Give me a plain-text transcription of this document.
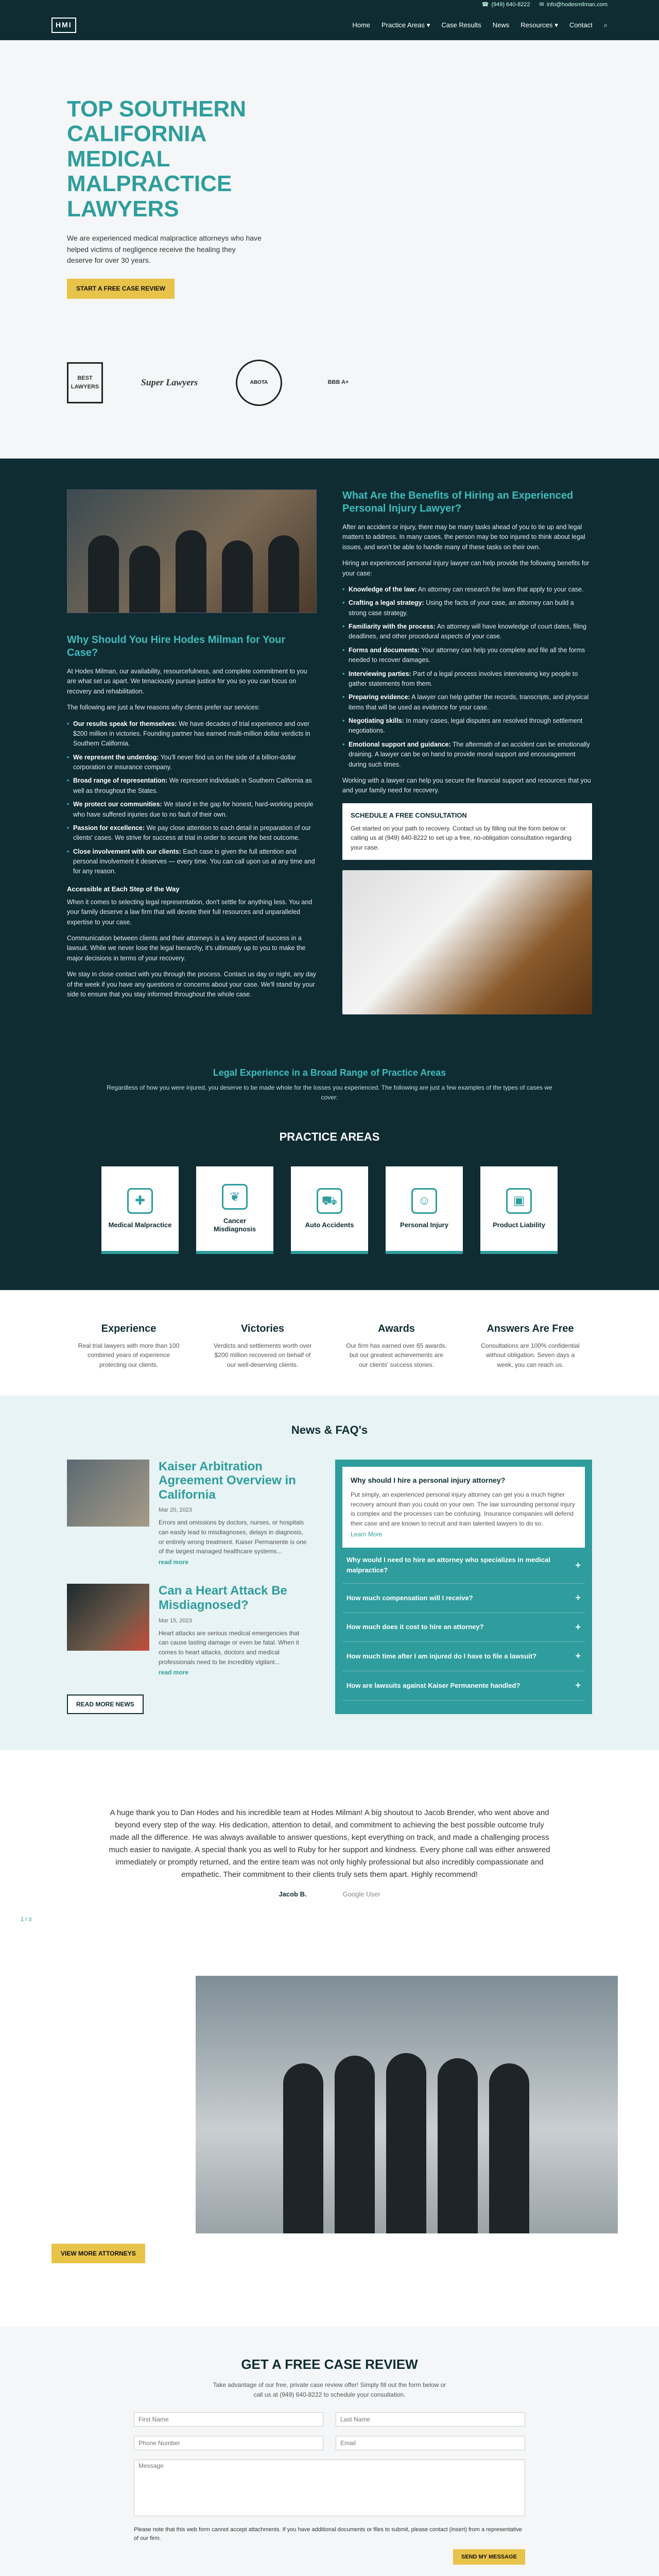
☎ (949) 640-8222 ✉ info@hodesmilman.com
HMI	Home Practice Areas ▾ Case Results News Resources ▾ Contact ⌕
TOP SOUTHERN CALIFORNIA MEDICAL MALPRACTICE LAWYERS

We are experienced medical malpractice attorneys who have helped victims of negligence receive the healing they deserve for over 30 years.

START A FREE CASE REVIEW
BEST LAWYERS	Super Lawyers	ABOTA	BBB A+
Why Should You Hire Hodes Milman for Your Case?

At Hodes Milman, our availability, resourcefulness, and complete commitment to you are what set us apart. We tenaciously pursue justice for you so you can focus on recovery and rehabilitation.

The following are just a few reasons why clients prefer our services:

• Our results speak for themselves: We have decades of trial experience and over $200 million in victories. Founding partner has earned multi-million dollar verdicts in Southern California.
• We represent the underdog: You'll never find us on the side of a billion-dollar corporation or insurance company.
• Broad range of representation: We represent individuals in Southern California as well as throughout the States.
• We protect our communities: We stand in the gap for honest, hard-working people who have suffered injuries due to no fault of their own.
• Passion for excellence: We pay close attention to each detail in preparation of our clients' cases. We strive for success at trial in order to secure the best outcome.
• Close involvement with our clients: Each case is given the full attention and personal involvement it deserves — every time. You can call upon us at any time and for any reason.
Accessible at Each Step of the Way

When it comes to selecting legal representation, don't settle for anything less. You and your family deserve a law firm that will devote their full resources and unparalleled expertise to your case.

Communication between clients and their attorneys is a key aspect of success in a lawsuit. While we never lose the legal hierarchy, it's ultimately up to you to make the major decisions in terms of your recovery.

We stay in close contact with you through the process. Contact us day or night, any day of the week if you have any questions or concerns about your case. We'll stand by your side to ensure that you stay informed throughout the whole case.

What Are the Benefits of Hiring an Experienced Personal Injury Lawyer?

After an accident or injury, there may be many tasks ahead of you to tie up and legal matters to address. In many cases, the person may be too injured to think about legal issues, and won't be able to handle many of these tasks on their own.

Hiring an experienced personal injury lawyer can help provide the following benefits for your case:

• Knowledge of the law: An attorney can research the laws that apply to your case.
• Crafting a legal strategy: Using the facts of your case, an attorney can build a strong case strategy.
• Familiarity with the process: An attorney will have knowledge of court dates, filing deadlines, and other procedural aspects of your case.
• Forms and documents: Your attorney can help you complete and file all the forms needed to recover damages.
• Interviewing parties: Part of a legal process involves interviewing key people to gather statements from them.
• Preparing evidence: A lawyer can help gather the records, transcripts, and physical items that will be used as evidence for your case.
• Negotiating skills: In many cases, legal disputes are resolved through settlement negotiations.
• Emotional support and guidance: The aftermath of an accident can be emotionally draining. A lawyer can be on hand to provide moral support and encouragement during such times.

Working with a lawyer can help you secure the financial support and resources that you and your family need for recovery.

SCHEDULE A FREE CONSULTATION

Get started on your path to recovery. Contact us by filling out the form below or calling us at (949) 640-8222 to set up a free, no-obligation consultation regarding your case.

Legal Experience in a Broad Range of Practice Areas

Regardless of how you were injured, you deserve to be made whole for the losses you experienced. The following are just a few examples of the types of cases we cover:

PRACTICE AREAS
✚
Medical Malpractice
❦
Cancer Misdiagnosis
⛟
Auto Accidents
☺
Personal Injury
▣
Product Liability
Experience

Real trial lawyers with more than 100 combined years of experience protecting our clients.

Victories

Verdicts and settlements worth over $200 million recovered on behalf of our well-deserving clients.

Awards

Our firm has earned over 65 awards, but our greatest achievements are our clients' success stories.

Answers Are Free

Consultations are 100% confidential without obligation. Seven days a week, you can reach us.

News & FAQ's
Kaiser Arbitration Agreement Overview in California
Mar 20, 2023

Errors and omissions by doctors, nurses, or hospitals can easily lead to misdiagnoses, delays in diagnosis, or entirely wrong treatment. Kaiser Permanente is one of the largest managed healthcare systems...

read more
Can a Heart Attack Be Misdiagnosed?
Mar 15, 2023

Heart attacks are serious medical emergencies that can cause lasting damage or even be fatal. When it comes to heart attacks, doctors and medical professionals need to be incredibly vigilant...

read more
READ MORE NEWS
Why should I hire a personal injury attorney?

Put simply, an experienced personal injury attorney can get you a much higher recovery amount than you could on your own. The law surrounding personal injury is complex and the processes can be confusing. Insurance companies will defend their case and are known to recruit and train talented lawyers to do so.

Learn More
Why would I need to hire an attorney who specializes in medical malpractice?
+
How much compensation will I receive?	+
How much does it cost to hire an attorney?	+
How much time after I am injured do I have to file a lawsuit?	+
How are lawsuits against Kaiser Permanente handled?	+

A huge thank you to Dan Hodes and his incredible team at Hodes Milman! A big shoutout to Jacob Brender, who went above and beyond every step of the way. His dedication, attention to detail, and commitment to achieving the best possible outcome truly made all the difference. He was always available to answer questions, kept everything on track, and made a challenging process much easier to navigate. A special thank you as well to Ruby for her support and kindness. Every phone call was either answered immediately or promptly returned, and the entire team was not only highly professional but also incredibly compassionate and empathetic. Their commitment to their clients truly sets them apart. Highly recommend!

Jacob B.	Google User
1 / 3
VIEW MORE ATTORNEYS
GET A FREE CASE REVIEW

Take advantage of our free, private case review offer! Simply fill out the form below or call us at (949) 640-8222 to schedule your consultation.

First Name
Last Name
Phone Number
Email
Message

Please note that this web form cannot accept attachments. If you have additional documents or files to submit, please contact (insert) from a representative of our firm.

SEND MY MESSAGE
